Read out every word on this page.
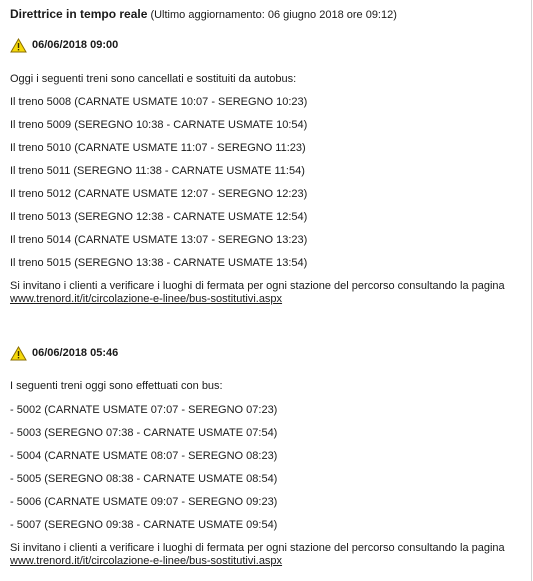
Direttrice in tempo reale (Ultimo aggiornamento: 06 giugno 2018 ore 09:12)
06/06/2018 09:00
Oggi i seguenti treni sono cancellati e sostituiti da autobus:
Il treno 5008 (CARNATE USMATE 10:07 - SEREGNO 10:23)
Il treno 5009 (SEREGNO 10:38 - CARNATE USMATE 10:54)
Il treno 5010 (CARNATE USMATE 11:07 - SEREGNO 11:23)
Il treno 5011 (SEREGNO 11:38 - CARNATE USMATE 11:54)
Il treno 5012 (CARNATE USMATE 12:07 - SEREGNO 12:23)
Il treno 5013 (SEREGNO 12:38 - CARNATE USMATE 12:54)
Il treno 5014 (CARNATE USMATE 13:07 - SEREGNO 13:23)
Il treno 5015 (SEREGNO 13:38 - CARNATE USMATE 13:54)
Si invitano i clienti a verificare i luoghi di fermata per ogni stazione del percorso consultando la pagina www.trenord.it/it/circolazione-e-linee/bus-sostitutivi.aspx
06/06/2018 05:46
I seguenti treni oggi sono effettuati con bus:
- 5002 (CARNATE USMATE 07:07 - SEREGNO 07:23)
- 5003 (SEREGNO 07:38 - CARNATE USMATE 07:54)
- 5004 (CARNATE USMATE 08:07 - SEREGNO 08:23)
- 5005 (SEREGNO 08:38 - CARNATE USMATE 08:54)
- 5006 (CARNATE USMATE 09:07 - SEREGNO 09:23)
- 5007 (SEREGNO 09:38 - CARNATE USMATE 09:54)
Si invitano i clienti a verificare i luoghi di fermata per ogni stazione del percorso consultando la pagina www.trenord.it/it/circolazione-e-linee/bus-sostitutivi.aspx
